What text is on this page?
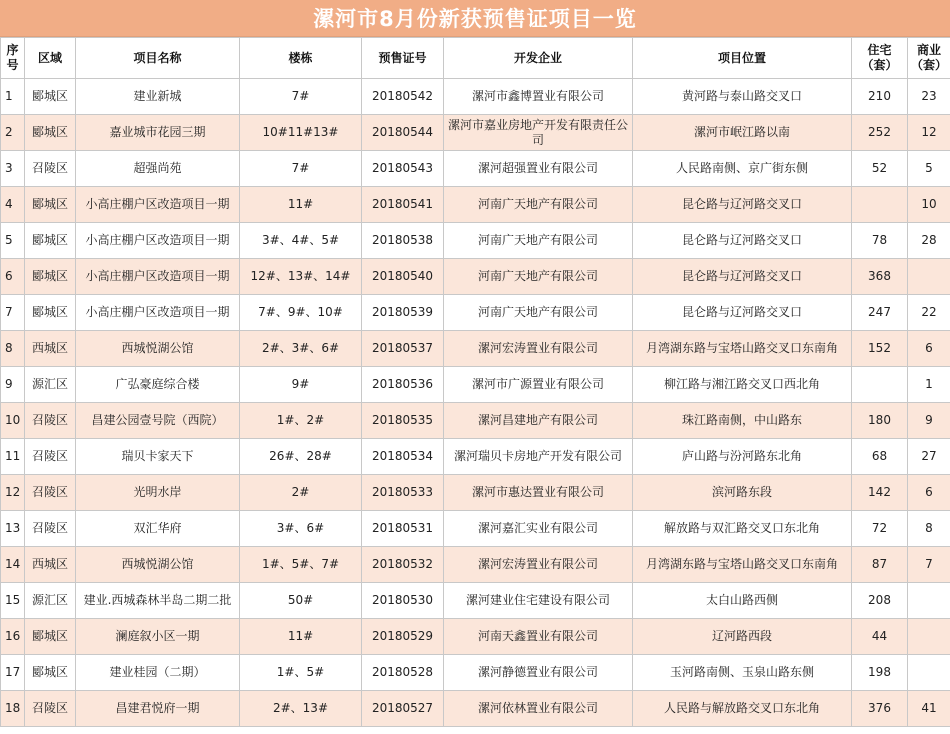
漯河市8月份新获预售证项目一览
序号	区域	项目名称	楼栋	预售证号	开发企业	项目位置	住宅（套）	商业（套）
1	郾城区	建业新城	7#	20180542	漯河市鑫博置业有限公司	黄河路与泰山路交叉口	210	23
2	郾城区	嘉业城市花园三期	10#11#13#	20180544	漯河市嘉业房地产开发有限责任公司	漯河市岷江路以南	252	12
3	召陵区	超强尚苑	7#	20180543	漯河超强置业有限公司	人民路南侧、京广街东侧	52	5
4	郾城区	小高庄棚户区改造项目一期	11#	20180541	河南广天地产有限公司	昆仑路与辽河路交叉口		10
5	郾城区	小高庄棚户区改造项目一期	3#、4#、5#	20180538	河南广天地产有限公司	昆仑路与辽河路交叉口	78	28
6	郾城区	小高庄棚户区改造项目一期	12#、13#、14#	20180540	河南广天地产有限公司	昆仑路与辽河路交叉口	368	
7	郾城区	小高庄棚户区改造项目一期	7#、9#、10#	20180539	河南广天地产有限公司	昆仑路与辽河路交叉口	247	22
8	西城区	西城悦湖公馆	2#、3#、6#	20180537	漯河宏涛置业有限公司	月湾湖东路与宝塔山路交叉口东南角	152	6
9	源汇区	广弘豪庭综合楼	9#	20180536	漯河市广源置业有限公司	柳江路与湘江路交叉口西北角		1
10	召陵区	昌建公园壹号院（西院）	1#、2#	20180535	漯河昌建地产有限公司	珠江路南侧，中山路东	180	9
11	召陵区	瑞贝卡家天下	26#、28#	20180534	漯河瑞贝卡房地产开发有限公司	庐山路与汾河路东北角	68	27
12	召陵区	光明水岸	2#	20180533	漯河市惠达置业有限公司	滨河路东段	142	6
13	召陵区	双汇华府	3#、6#	20180531	漯河嘉汇实业有限公司	解放路与双汇路交叉口东北角	72	8
14	西城区	西城悦湖公馆	1#、5#、7#	20180532	漯河宏涛置业有限公司	月湾湖东路与宝塔山路交叉口东南角	87	7
15	源汇区	建业.西城森林半岛二期二批	50#	20180530	漯河建业住宅建设有限公司	太白山路西侧	208	
16	郾城区	澜庭叙小区一期	11#	20180529	河南天鑫置业有限公司	辽河路西段	44	
17	郾城区	建业桂园（二期）	1#、5#	20180528	漯河静德置业有限公司	玉河路南侧、玉泉山路东侧	198	
18	召陵区	昌建君悦府一期	2#、13#	20180527	漯河依林置业有限公司	人民路与解放路交叉口东北角	376	41
